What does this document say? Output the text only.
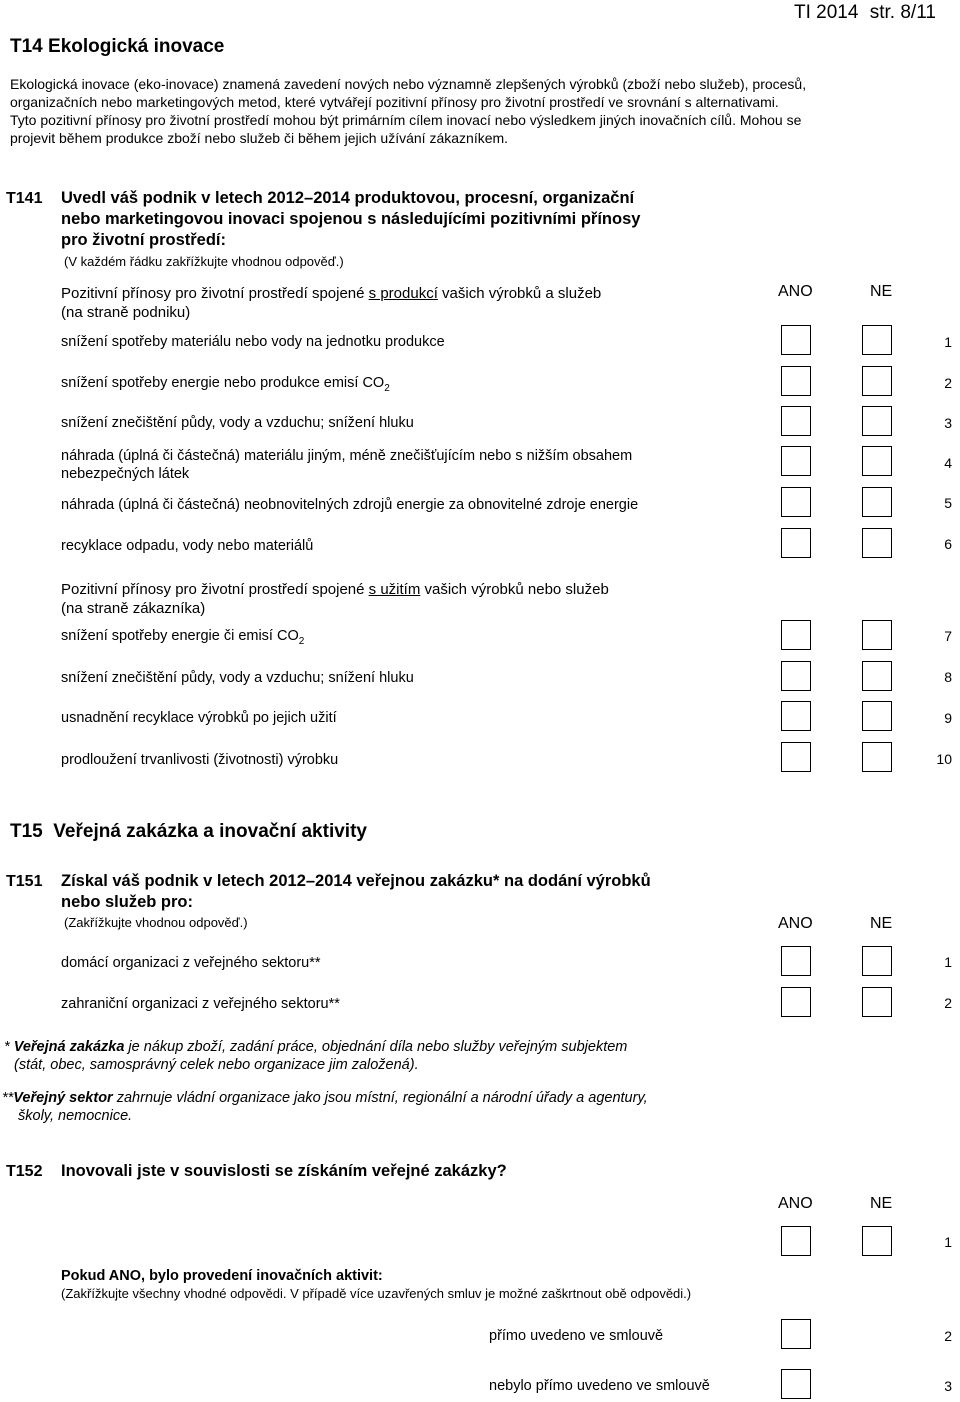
T14 Ekologická inovace
TI 2014 str. 8/11
Ekologická inovace (eko-inovace) znamená zavedení nových nebo významně zlepšených výrobků (zboží nebo služeb), procesů,
organizačních nebo marketingových metod, které vytvářejí pozitivní přínosy pro životní prostředí ve srovnání s alternativami.
Tyto pozitivní přínosy pro životní prostředí mohou být primárním cílem inovací nebo výsledkem jiných inovačních cílů. Mohou se
projevit během produkce zboží nebo služeb či během jejich užívání zákazníkem.
T141 Uvedl váš podnik v letech 2012–2014 produktovou, procesní, organizační
nebo marketingovou inovaci spojenou s následujícími pozitivními přínosy
pro životní prostředí:
(V každém řádku zakřížkujte vhodnou odpověď.)
Pozitivní přínosy pro životní prostředí spojené s produkcí vašich výrobků a služeb
(na straně podniku)
ANO	NE
snížení spotřeby materiálu nebo vody na jednotku produkce	1
snížení spotřeby energie nebo produkce emisí $CO_2$	2
snížení znečištění půdy, vody a vzduchu; snížení hluku	3
náhrada (úplná či částečná) materiálu jiným, méně znečišťujícím nebo s nižším obsahem
nebezpečných látek
4
náhrada (úplná či částečná) neobnovitelných zdrojů energie za obnovitelné zdroje energie	5
recyklace odpadu, vody nebo materiálů	6
Pozitivní přínosy pro životní prostředí spojené s užitím vašich výrobků nebo služeb
(na straně zákazníka)
snížení spotřeby energie či emisí $CO_2$	7
snížení znečištění půdy, vody a vzduchu; snížení hluku	8
usnadnění recyklace výrobků po jejich užití	9
prodloužení trvanlivosti (životnosti) výrobku	10
T15  Veřejná zakázka a inovační aktivity
T151 Získal váš podnik v letech 2012–2014 veřejnou zakázku* na dodání výrobků
nebo služeb pro:
(Zakřížkujte vhodnou odpověď.)	ANO	NE
domácí organizaci z veřejného sektoru**	1
zahraniční organizaci z veřejného sektoru**	2
* Veřejná zakázka je nákup zboží, zadání práce, objednání díla nebo služby veřejným subjektem
(stát, obec, samosprávný celek nebo organizace jim založená).
**Veřejný sektor zahrnuje vládní organizace jako jsou místní, regionální a národní úřady a agentury,
školy, nemocnice.
T152 Inovovali jste v souvislosti se získáním veřejné zakázky?
ANO	NE
1
Pokud ANO, bylo provedení inovačních aktivit:
(Zakřížkujte všechny vhodné odpovědi. V případě více uzavřených smluv je možné zaškrtnout obě odpovědi.)
přímo uvedeno ve smlouvě	2
nebylo přímo uvedeno ve smlouvě	3
